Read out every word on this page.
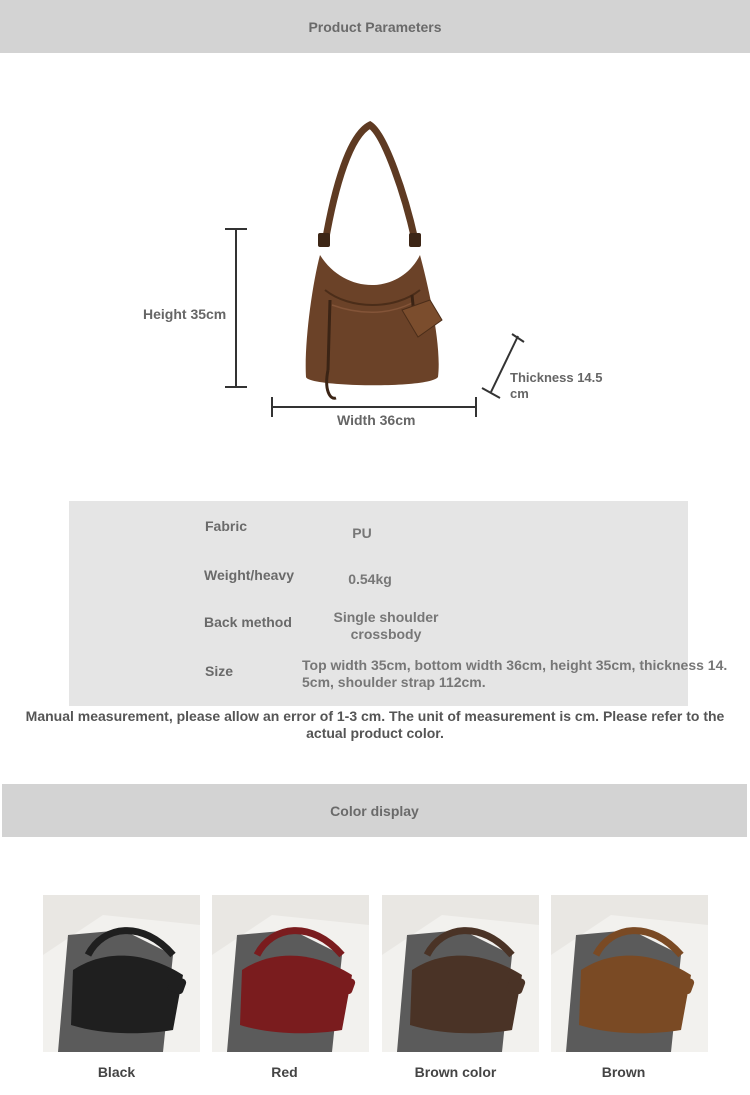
Product Parameters
Height 35cm
Width 36cm
Thickness 14.5
cm
Fabric	PU
Weight/heavy	0.54kg
Back method	Single shoulder
crossbody
Size	Top width 35cm, bottom width 36cm, height 35cm, thickness 14.
5cm, shoulder strap 112cm.
Manual measurement, please allow an error of 1-3 cm. The unit of measurement is cm. Please refer to the
actual product color.
Color display
Black	Red	Brown color	Brown
